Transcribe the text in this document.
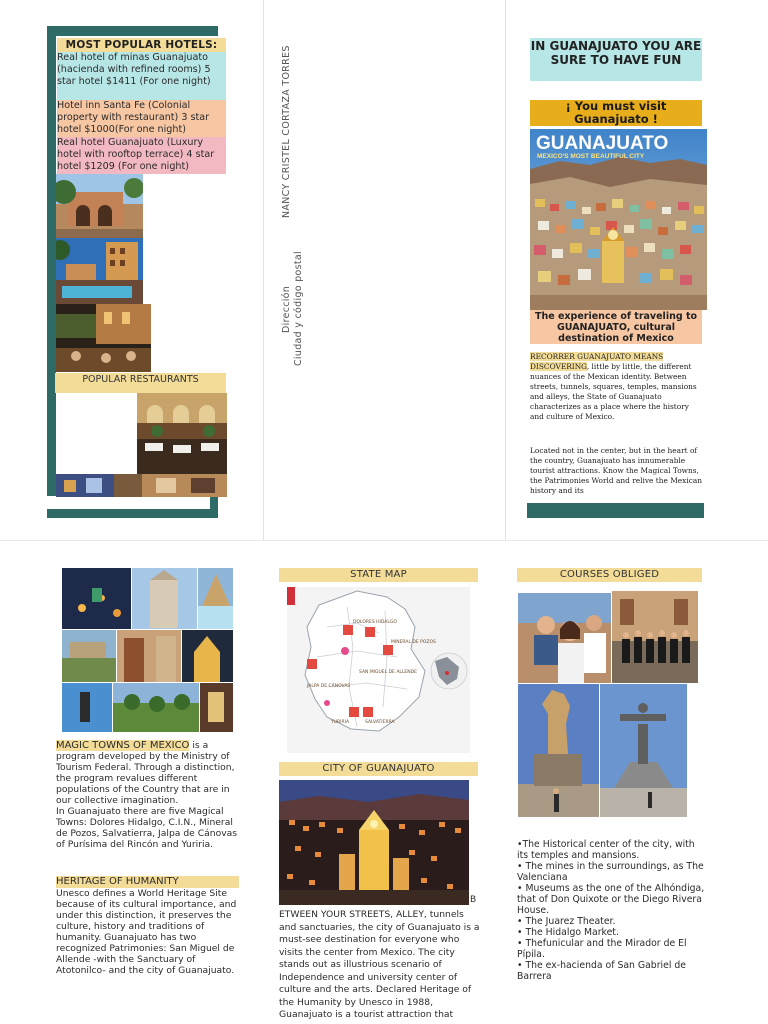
MOST POPULAR HOTELS:
Real hotel of minas Guanajuato (hacienda with refined rooms) 5 star hotel $1411 (For one night)
Hotel inn Santa Fe (Colonial property with restaurant) 3 star hotel $1000(For one night)
Real hotel Guanajuato (Luxury hotel with rooftop terrace) 4 star hotel $1209 (For one night)
POPULAR RESTAURANTS
NANCY CRISTEL CORTAZA TORRES
Dirección Ciudad y código postal
IN GUANAJUATO YOU ARE SURE TO HAVE FUN
¡ You must visit Guanajuato !
GUANAJUATO
MEXICO'S MOST BEAUTIFUL CITY
The experience of traveling to GUANAJUATO, cultural destination of Mexico
RECORRER GUANAJUATO MEANS DISCOVERING, little by little, the different nuances of the Mexican identity. Between streets, tunnels, squares, temples, mansions and alleys, the State of Guanajuato characterizes as a place where the history and culture of Mexico.
Located not in the center, but in the heart of the country, Guanajuato has innumerable tourist attractions. Know the Magical Towns, the Patrimonies World and relive the Mexican history and its
MAGIC TOWNS OF MEXICO is a program developed by the Ministry of Tourism Federal. Through a distinction, the program revalues different populations of the Country that are in our collective imagination.
In Guanajuato there are five Magical Towns: Dolores Hidalgo, C.I.N., Mineral de Pozos, Salvatierra, Jalpa de Cánovas of Purísima del Rincón and Yuriria.
HERITAGE OF HUMANITY
Unesco defines a World Heritage Site because of its cultural importance, and under this distinction, it preserves the culture, history and traditions of humanity. Guanajuato has two recognized Patrimonies: San Miguel de Allende -with the Sanctuary of Atotonilco- and the city of Guanajuato.
STATE MAP
DOLORES HIDALGO
SAN MIGUEL DE ALLENDE
MINERAL DE POZOS
JALPA DE CÁNOVAS
YURIRIA	SALVATIERRA
CITY OF GUANAJUATO
B
ETWEEN YOUR STREETS, ALLEY, tunnels and sanctuaries, the city of Guanajuato is a must-see destination for everyone who visits the center from Mexico. The city stands out as illustrious scenario of Independence and university center of culture and the arts. Declared Heritage of the Humanity by Unesco in 1988, Guanajuato is a tourist attraction that
COURSES OBLIGED
•The Historical center of the city, with its temples and mansions.
• The mines in the surroundings, as The Valenciana
• Museums as the one of the Alhóndiga, that of Don Quixote or the Diego Rivera House.
• The Juarez Theater.
• The Hidalgo Market.
• Thefunicular and the Mirador de El Pípila.
• The ex-hacienda of San Gabriel de Barrera
